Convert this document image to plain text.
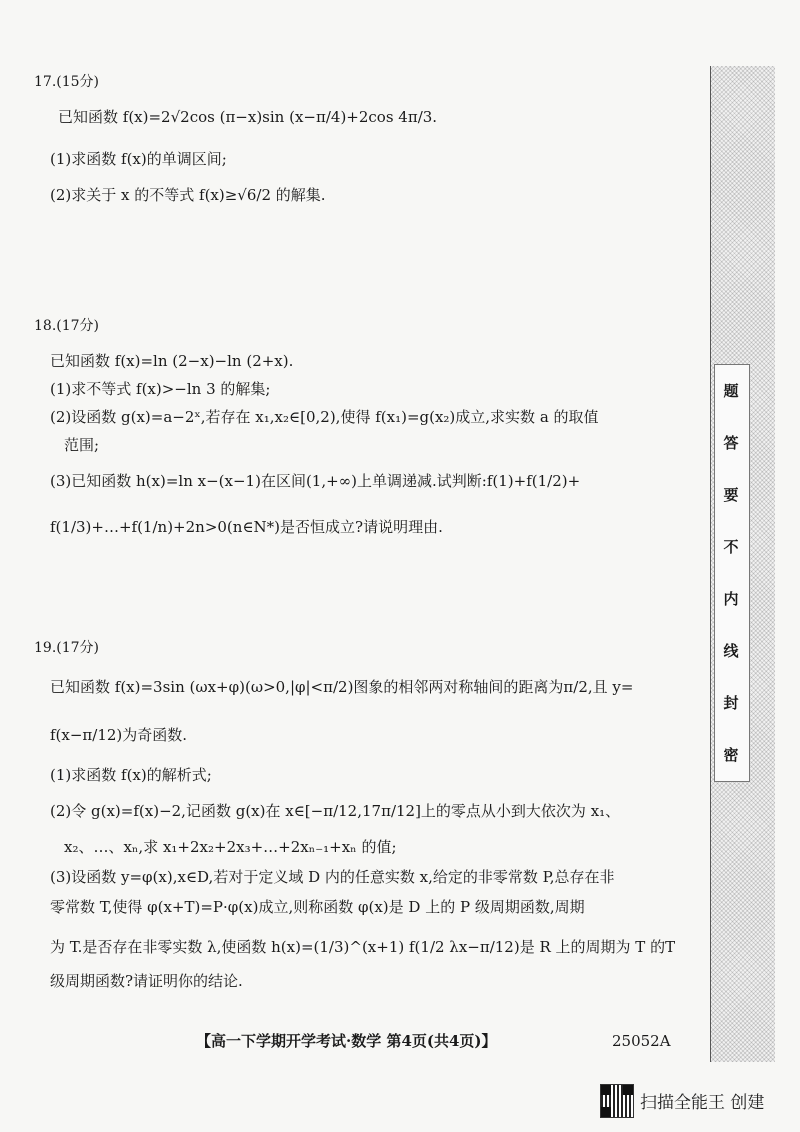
17.(15分)
已知函数 f(x)=2√2cos (π−x)sin (x−π/4)+2cos 4π/3.
(1)求函数 f(x)的单调区间;
(2)求关于 x 的不等式 f(x)≥√6/2 的解集.
18.(17分)
已知函数 f(x)=ln (2−x)−ln (2+x).
(1)求不等式 f(x)>−ln 3 的解集;
(2)设函数 g(x)=a−2ˣ,若存在 x₁,x₂∈[0,2),使得 f(x₁)=g(x₂)成立,求实数 a 的取值
范围;
(3)已知函数 h(x)=ln x−(x−1)在区间(1,+∞)上单调递减.试判断:f(1)+f(1/2)+
f(1/3)+…+f(1/n)+2n>0(n∈N*)是否恒成立?请说明理由.
19.(17分)
已知函数 f(x)=3sin (ωx+φ)(ω>0,|φ|<π/2)图象的相邻两对称轴间的距离为π/2,且 y=
f(x−π/12)为奇函数.
(1)求函数 f(x)的解析式;
(2)令 g(x)=f(x)−2,记函数 g(x)在 x∈[−π/12,17π/12]上的零点从小到大依次为 x₁、
x₂、…、xₙ,求 x₁+2x₂+2x₃+…+2xₙ₋₁+xₙ 的值;
(3)设函数 y=φ(x),x∈D,若对于定义域 D 内的任意实数 x,给定的非零常数 P,总存在非
零常数 T,使得 φ(x+T)=P·φ(x)成立,则称函数 φ(x)是 D 上的 P 级周期函数,周期
为 T.是否存在非零实数 λ,使函数 h(x)=(1/3)^(x+1) f(1/2 λx−π/12)是 R 上的周期为 T 的T
级周期函数?请证明你的结论.
题
答
要
不
内
线
封
密
【高一下学期开学考试·数学 第4页(共4页)】	25052A
扫描全能王 创建
